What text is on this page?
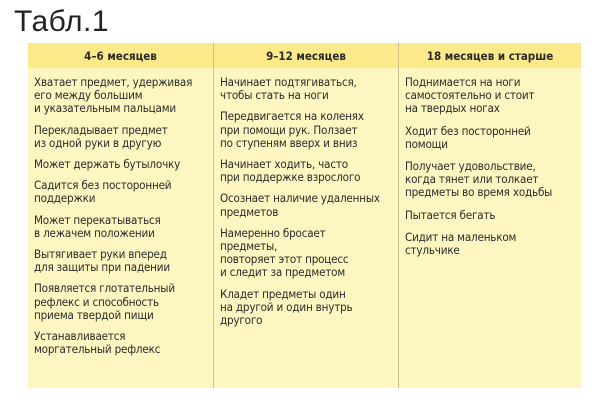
Табл.1
4–6 месяцев	9–12 месяцев	18 месяцев и старше
Хватает предмет, удерживая
его между большим
и указательным пальцами
Перекладывает предмет
из одной руки в другую
Может держать бутылочку
Садится без посторонней
поддержки
Может перекатываться
в лежачем положении
Вытягивает руки вперед
для защиты при падении
Появляется глотательный
рефлекс и способность
приема твердой пищи
Устанавливается
моргательный рефлекс
Начинает подтягиваться,
чтобы стать на ноги
Передвигается на коленях
при помощи рук. Ползает
по ступеням вверх и вниз
Начинает ходить, часто
при поддержке взрослого
Осознает наличие удаленных
предметов
Намеренно бросает предметы,
повторяет этот процесс
и следит за предметом
Кладет предметы один
на другой и один внутрь
другого
Поднимается на ноги
самостоятельно и стоит
на твердых ногах
Ходит без посторонней
помощи
Получает удовольствие,
когда тянет или толкает
предметы во время ходьбы
Пытается бегать
Сидит на маленьком
стульчике
